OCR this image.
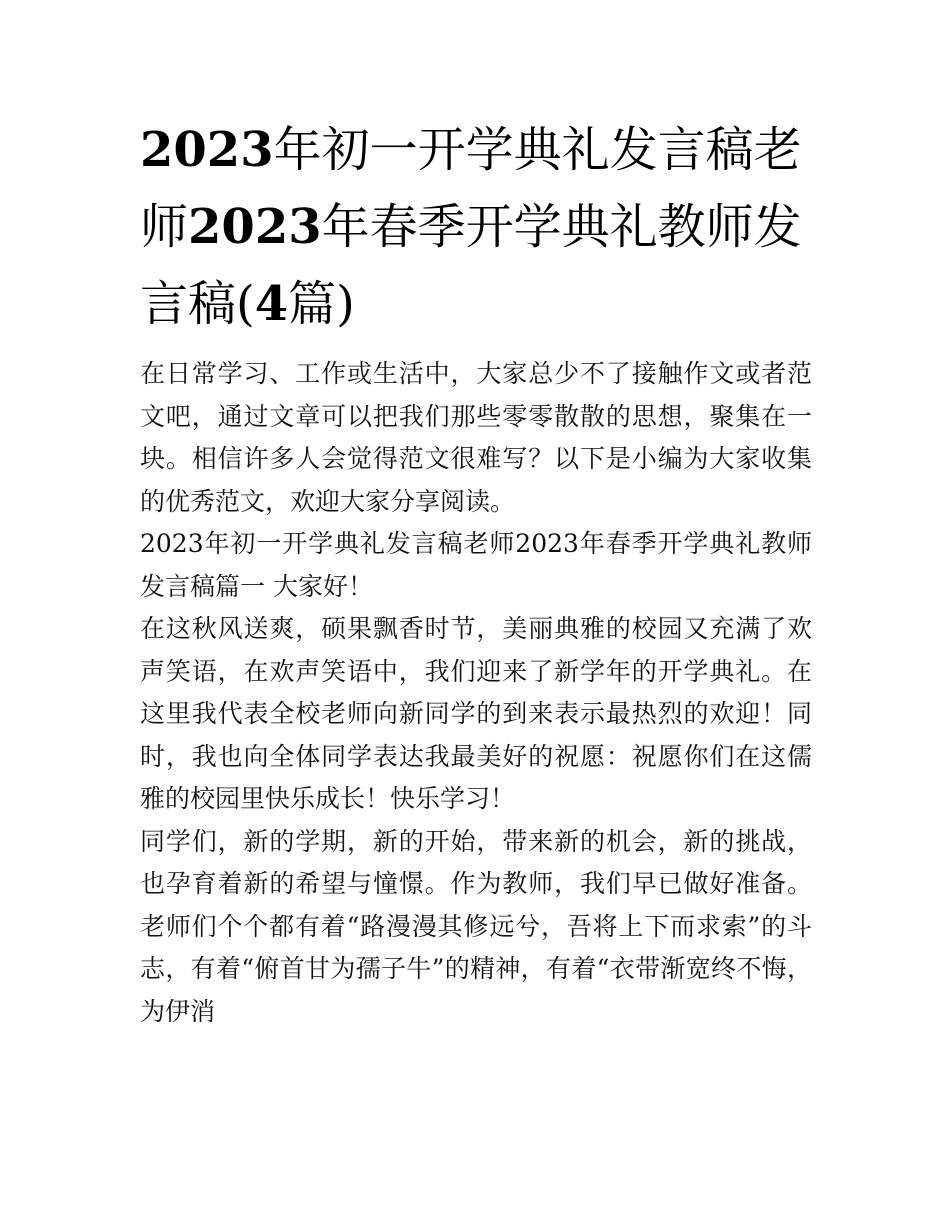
2023年初一开学典礼发言稿老师2023年春季开学典礼教师发言稿(4篇)

在日常学习、工作或生活中，大家总少不了接触作文或者范文吧，通过文章可以把我们那些零零散散的思想，聚集在一块。相信许多人会觉得范文很难写？以下是小编为大家收集的优秀范文，欢迎大家分享阅读。

2023年初一开学典礼发言稿老师2023年春季开学典礼教师发言稿篇一 大家好！

在这秋风送爽，硕果飘香时节，美丽典雅的校园又充满了欢声笑语，在欢声笑语中，我们迎来了新学年的开学典礼。在这里我代表全校老师向新同学的到来表示最热烈的欢迎！同时，我也向全体同学表达我最美好的祝愿：祝愿你们在这儒雅的校园里快乐成长！快乐学习！

同学们，新的学期，新的开始，带来新的机会，新的挑战，也孕育着新的希望与憧憬。作为教师，我们早已做好准备。老师们个个都有着“路漫漫其修远兮，吾将上下而求索”的斗志，有着“俯首甘为孺子牛”的精神，有着“衣带渐宽终不悔，为伊消
